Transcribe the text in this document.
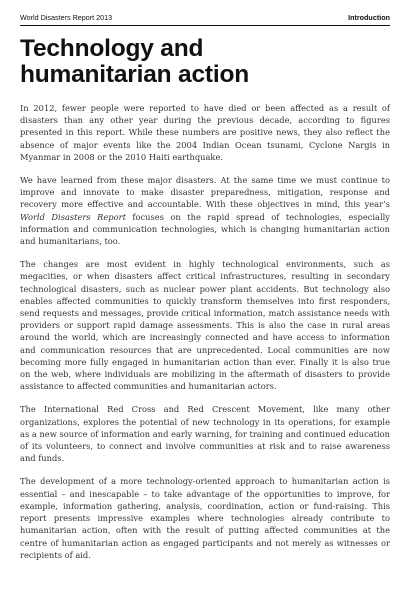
World Disasters Report 2013	Introduction
Technology and humanitarian action

In 2012, fewer people were reported to have died or been affected as a result of disasters than any other year during the previous decade, according to figures presented in this report. While these numbers are positive news, they also reflect the absence of major events like the 2004 Indian Ocean tsunami, Cyclone Nargis in Myanmar in 2008 or the 2010 Haiti earthquake.

We have learned from these major disasters. At the same time we must continue to improve and innovate to make disaster preparedness, mitigation, response and recovery more effective and accountable. With these objectives in mind, this year’s World Disasters Report focuses on the rapid spread of technologies, especially information and communication technologies, which is changing humanitarian action and humanitarians, too.

The changes are most evident in highly technological environments, such as megacities, or when disasters affect critical infrastructures, resulting in secondary technological disasters, such as nuclear power plant accidents. But technology also enables affected communities to quickly transform themselves into first responders, send requests and messages, provide critical information, match assistance needs with providers or support rapid damage assessments. This is also the case in rural areas around the world, which are increasingly connected and have access to information and communication resources that are unprecedented. Local communities are now becoming more fully engaged in humanitarian action than ever. Finally it is also true on the web, where individuals are mobilizing in the aftermath of disasters to provide assistance to affected communities and humanitarian actors.

The International Red Cross and Red Crescent Movement, like many other organizations, explores the potential of new technology in its operations, for example as a new source of information and early warning, for training and continued education of its volunteers, to connect and involve communities at risk and to raise awareness and funds.

The development of a more technology-oriented approach to humanitarian action is essential – and inescapable – to take advantage of the opportunities to improve, for example, information gathering, analysis, coordination, action or fund-raising. This report presents impressive examples where technologies already contribute to humanitarian action, often with the result of putting affected communities at the centre of humanitarian action as engaged participants and not merely as witnesses or recipients of aid.
